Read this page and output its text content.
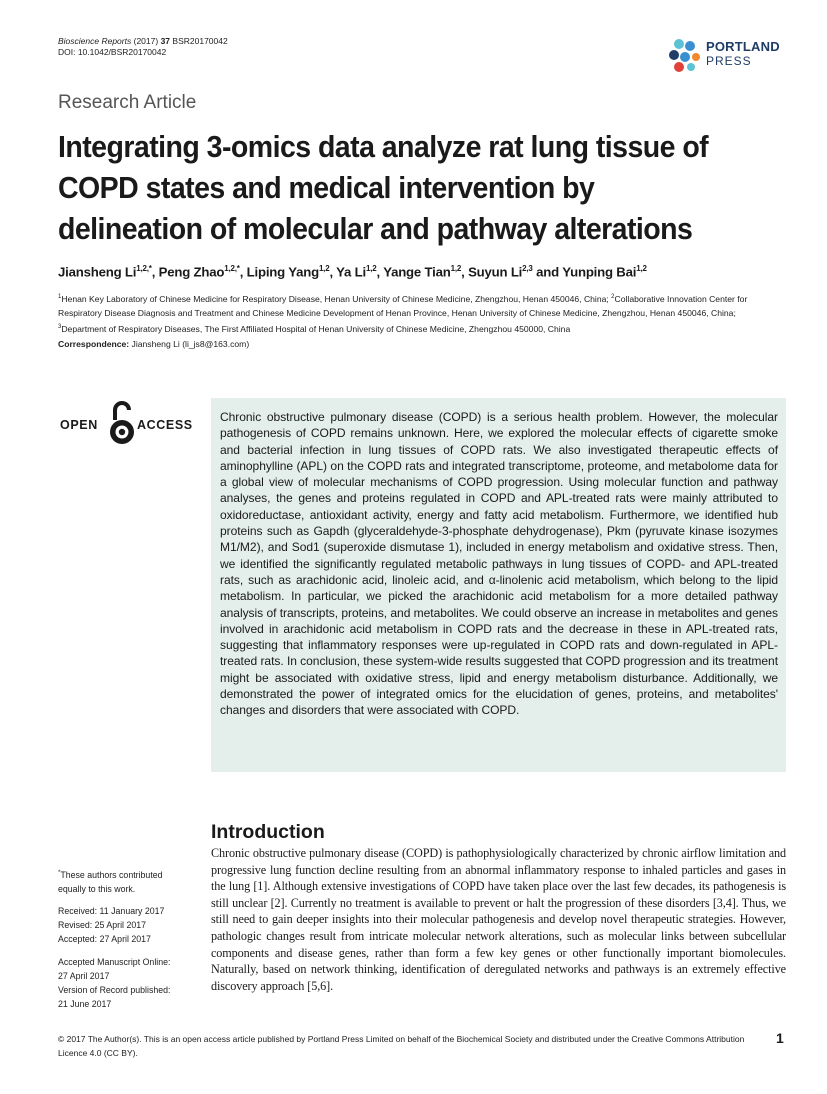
Bioscience Reports (2017) 37 BSR20170042
DOI: 10.1042/BSR20170042	PORTLAND
PRESS
Research Article
Integrating 3-omics data analyze rat lung tissue of COPD states and medical intervention by delineation of molecular and pathway alterations
Jiansheng $Li^{1,2,*}$, Peng Zhao$^{1,2,*}$, Liping Yang$^{1,2}$, Ya Li$^{1,2}$, Yange Tian$^{1,2}$, Suyun Li$^{2,3}$ and Yunping Bai$^{1,2}$
$^1$Henan Key Laboratory of Chinese Medicine for Respiratory Disease, Henan University of Chinese Medicine, Zhengzhou, Henan 450046, China; $^2$Collaborative Innovation Center for Respiratory Disease Diagnosis and Treatment and Chinese Medicine Development of Henan Province, Henan University of Chinese Medicine, Zhengzhou, Henan 450046, China; $^3$Department of Respiratory Diseases, The First Affiliated Hospital of Henan University of Chinese Medicine, Zhengzhou 450000, China
Correspondence: Jiansheng Li (li_js8@163.com)
OPEN	ACCESS

Chronic obstructive pulmonary disease (COPD) is a serious health problem. However, the molecular pathogenesis of COPD remains unknown. Here, we explored the molecular effects of cigarette smoke and bacterial infection in lung tissues of COPD rats. We also investigated therapeutic effects of aminophylline (APL) on the COPD rats and integrated transcriptome, proteome, and metabolome data for a global view of molecular mechanisms of COPD progression. Using molecular function and pathway analyses, the genes and proteins regulated in COPD and APL-treated rats were mainly attributed to oxidoreductase, antioxidant activity, energy and fatty acid metabolism. Furthermore, we identified hub proteins such as Gapdh (glyceraldehyde-3-phosphate dehydrogenase), Pkm (pyruvate kinase isozymes M1/M2), and Sod1 (superoxide dismutase 1), included in energy metabolism and oxidative stress. Then, we identified the significantly regulated metabolic pathways in lung tissues of COPD- and APL-treated rats, such as arachidonic acid, linoleic acid, and α-linolenic acid metabolism, which belong to the lipid metabolism. In particular, we picked the arachidonic acid metabolism for a more detailed pathway analysis of transcripts, proteins, and metabolites. We could observe an increase in metabolites and genes involved in arachidonic acid metabolism in COPD rats and the decrease in these in APL-treated rats, suggesting that inflammatory responses were up-regulated in COPD rats and down-regulated in APL-treated rats. In conclusion, these system-wide results suggested that COPD progression and its treatment might be associated with oxidative stress, lipid and energy metabolism disturbance. Additionally, we demonstrated the power of integrated omics for the elucidation of genes, proteins, and metabolites' changes and disorders that were associated with COPD.

*These authors contributed
equally to this work.
Received: 11 January 2017
Revised: 25 April 2017
Accepted: 27 April 2017
Accepted Manuscript Online:
27 April 2017
Version of Record published:
21 June 2017
Introduction

Chronic obstructive pulmonary disease (COPD) is pathophysiologically characterized by chronic airflow limitation and progressive lung function decline resulting from an abnormal inflammatory response to inhaled particles and gases in the lung [1]. Although extensive investigations of COPD have taken place over the last few decades, its pathogenesis is still unclear [2]. Currently no treatment is available to prevent or halt the progression of these disorders [3,4]. Thus, we still need to gain deeper insights into their molecular pathogenesis and develop novel therapeutic strategies. However, pathologic changes result from intricate molecular network alterations, such as molecular links between subcellular components and disease genes, rather than form a few key genes or other functionally important biomolecules. Naturally, based on network thinking, identification of deregulated networks and pathways is an extremely effective discovery approach [5,6].

© 2017 The Author(s). This is an open access article published by Portland Press Limited on behalf of the Biochemical Society and distributed under the Creative Commons Attribution
Licence 4.0 (CC BY).
1
